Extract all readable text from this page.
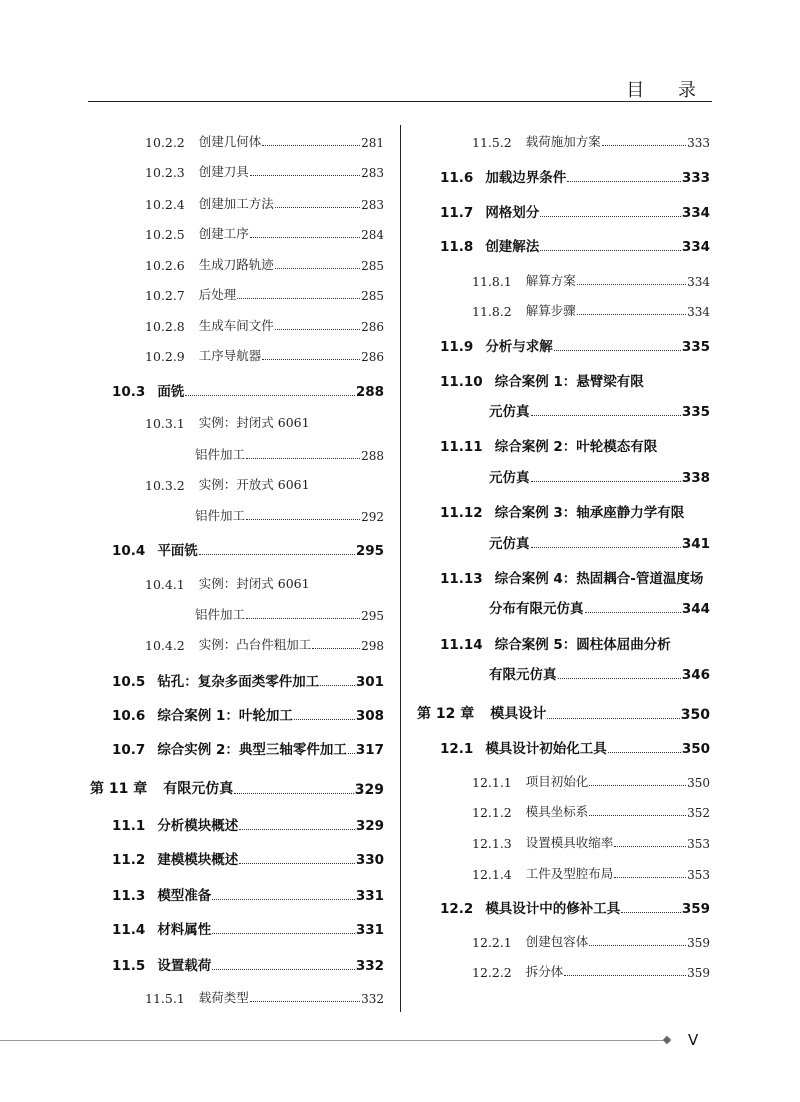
目 录
V
10.2.2 创建几何体	281
10.2.3 创建刀具	283
10.2.4 创建加工方法	283
10.2.5 创建工序	284
10.2.6 生成刀路轨迹	285
10.2.7 后处理	285
10.2.8 生成车间文件	286
10.2.9 工序导航器	286
10.3 面铣	288
10.3.1 实例：封闭式 6061
铝件加工	288
10.3.2 实例：开放式 6061
铝件加工	292
10.4 平面铣	295
10.4.1 实例：封闭式 6061
铝件加工	295
10.4.2 实例：凸台件粗加工	298
10.5 钻孔：复杂多面类零件加工	301
10.6 综合案例 1：叶轮加工	308
10.7 综合实例 2：典型三轴零件加工 317
第 11 章 有限元仿真	329
11.1 分析模块概述	329
11.2 建模模块概述	330
11.3 模型准备	331
11.4 材料属性	331
11.5 设置载荷	332
11.5.1 载荷类型	332
11.5.2 载荷施加方案	333
11.6 加载边界条件	333
11.7 网格划分	334
11.8 创建解法	334
11.8.1 解算方案	334
11.8.2 解算步骤	334
11.9 分析与求解	335
11.10 综合案例 1：悬臂梁有限
元仿真	335
11.11 综合案例 2：叶轮模态有限
元仿真	338
11.12 综合案例 3：轴承座静力学有限
元仿真	341
11.13 综合案例 4：热固耦合-管道温度场
分布有限元仿真	344
11.14 综合案例 5：圆柱体屈曲分析
有限元仿真	346
第 12 章 模具设计	350
12.1 模具设计初始化工具	350
12.1.1 项目初始化	350
12.1.2 模具坐标系	352
12.1.3 设置模具收缩率	353
12.1.4 工件及型腔布局	353
12.2 模具设计中的修补工具	359
12.2.1 创建包容体	359
12.2.2 拆分体	359
